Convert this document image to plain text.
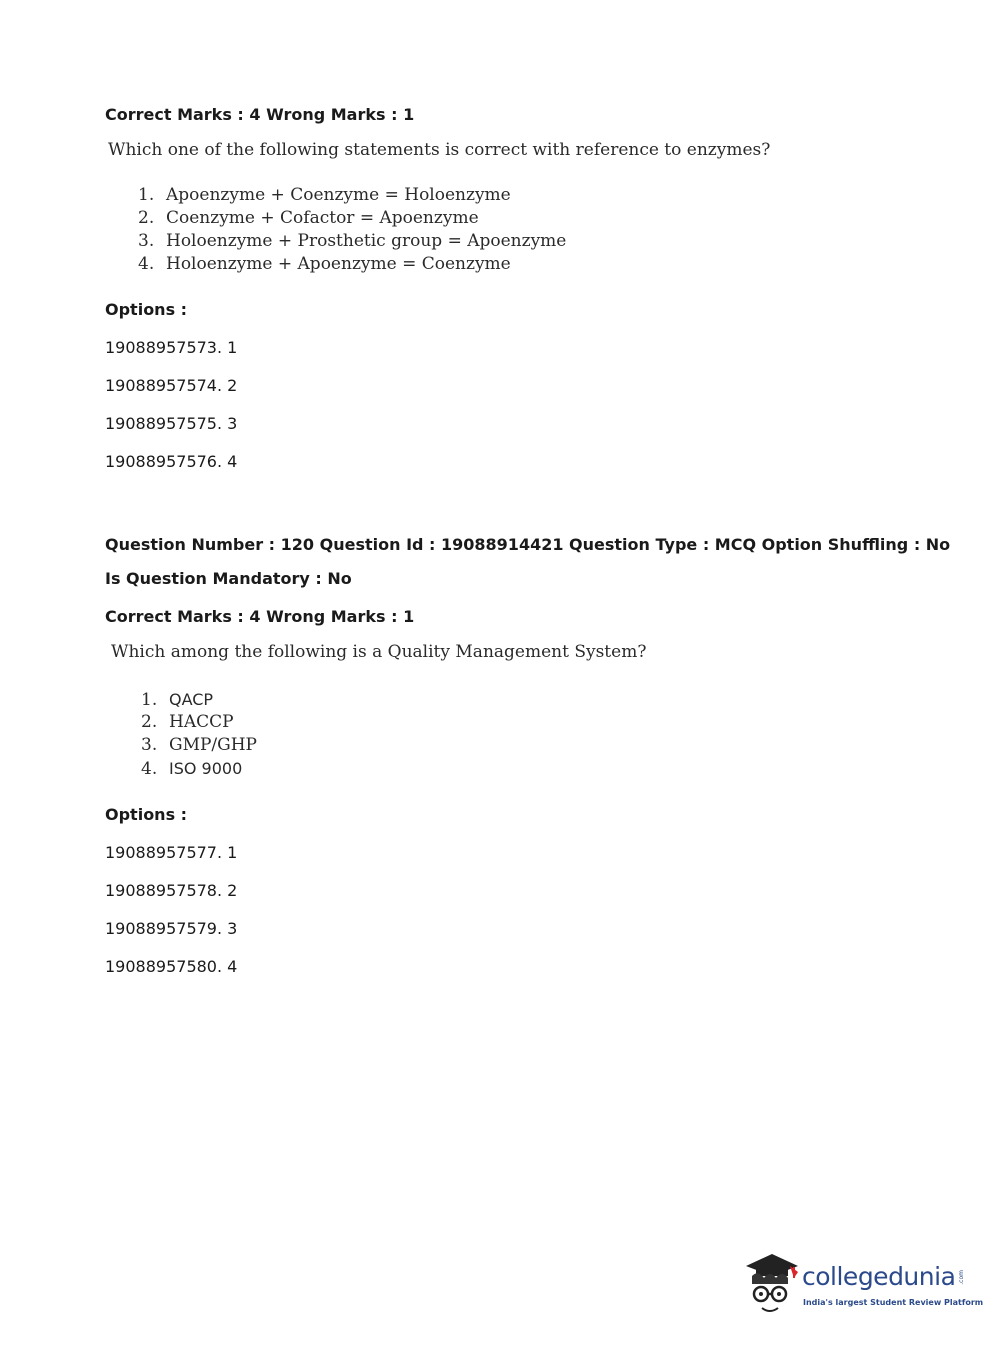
Correct Marks : 4 Wrong Marks : 1
Which one of the following statements is correct with reference to enzymes?
1. Apoenzyme + Coenzyme = Holoenzyme
2. Coenzyme + Cofactor = Apoenzyme
3. Holoenzyme + Prosthetic group = Apoenzyme
4. Holoenzyme + Apoenzyme = Coenzyme
Options :
19088957573. 1
19088957574. 2
19088957575. 3
19088957576. 4
Question Number : 120 Question Id : 19088914421 Question Type : MCQ Option Shuffling : No
Is Question Mandatory : No
Correct Marks : 4 Wrong Marks : 1
Which among the following is a Quality Management System?
1. QACP
2. HACCP
3. GMP/GHP
4. ISO 9000
Options :
19088957577. 1
19088957578. 2
19088957579. 3
19088957580. 4
collegedunia .com
India's largest Student Review Platform
